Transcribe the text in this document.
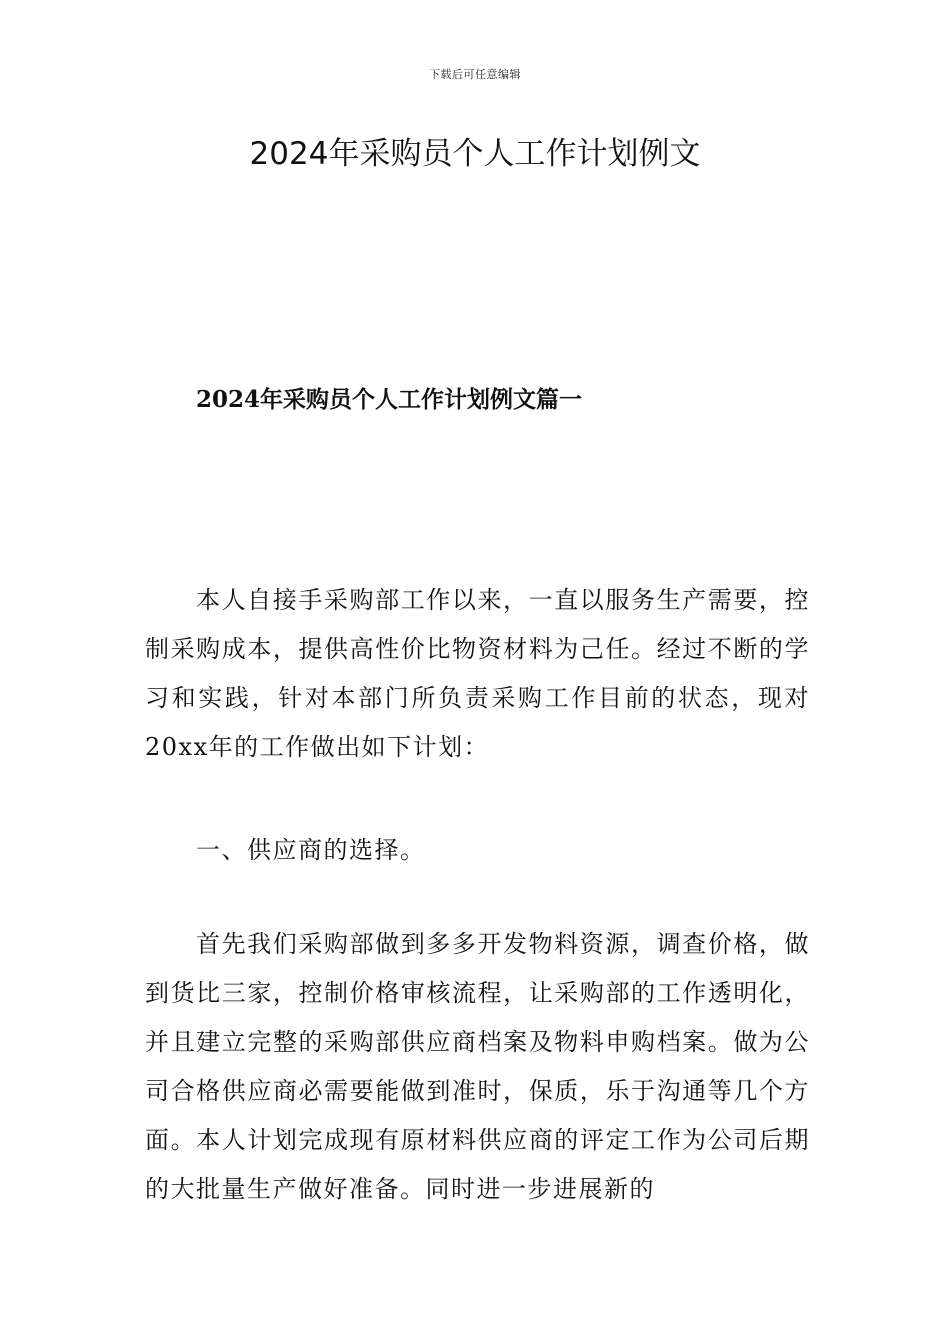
下载后可任意编辑
2024年采购员个人工作计划例文
2024年采购员个人工作计划例文篇一

本人自接手采购部工作以来，一直以服务生产需要，控制采购成本，提供高性价比物资材料为己任。经过不断的学习和实践，针对本部门所负责采购工作目前的状态，现对20xx年的工作做出如下计划：

一、供应商的选择。

首先我们采购部做到多多开发物料资源，调查价格，做到货比三家，控制价格审核流程，让采购部的工作透明化，并且建立完整的采购部供应商档案及物料申购档案。做为公司合格供应商必需要能做到准时，保质，乐于沟通等几个方面。本人计划完成现有原材料供应商的评定工作为公司后期的大批量生产做好准备。同时进一步进展新的
